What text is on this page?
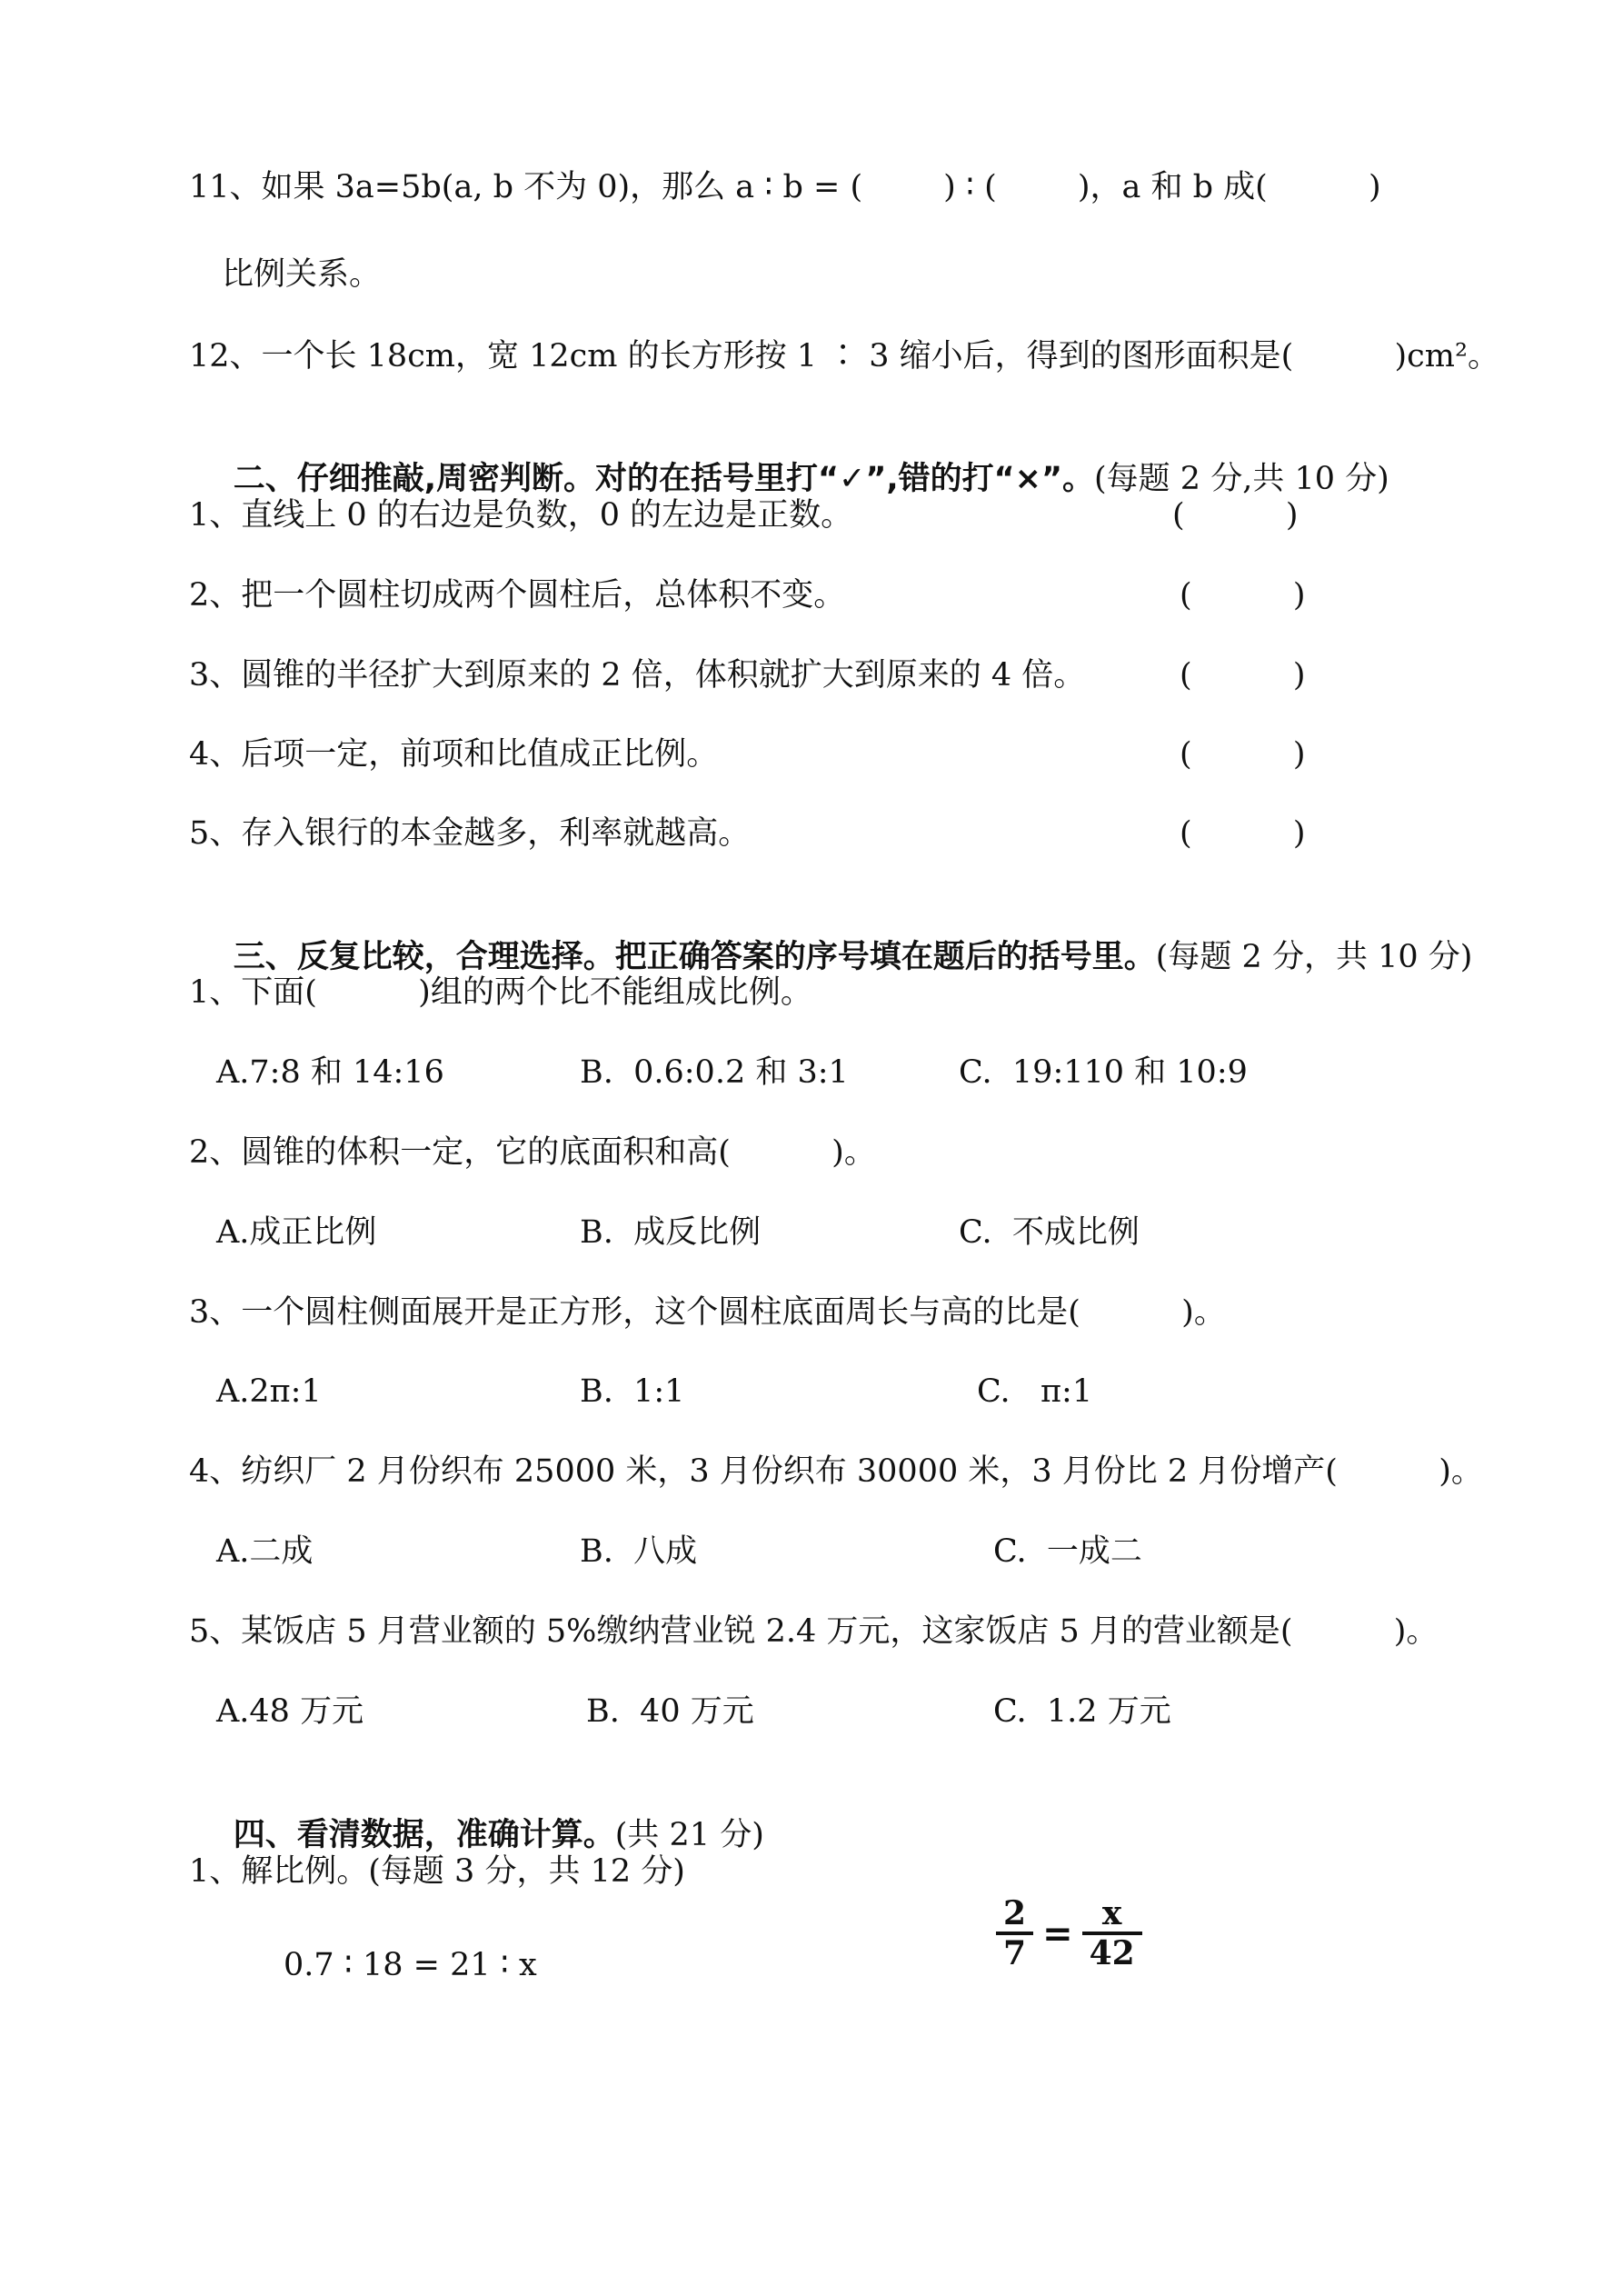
11、如果 3a=5b(a, b 不为 0)，那么 a ∶ b = (        ) ∶ (        )，a 和 b 成(          )
比例关系。
12、一个长 18cm，宽 12cm 的长方形按 1 ∶ 3 缩小后，得到的图形面积是(          )cm²。

二、仔细推敲,周密判断。对的在括号里打“✓”,错的打“×”。(每题 2 分,共 10 分)

1、直线上 0 的右边是负数，0 的左边是正数。	(          )
2、把一个圆柱切成两个圆柱后，总体积不变。	(          )
3、圆锥的半径扩大到原来的 2 倍，体积就扩大到原来的 4 倍。	(          )
4、后项一定，前项和比值成正比例。	(          )
5、存入银行的本金越多，利率就越高。	(          )

三、反复比较，合理选择。把正确答案的序号填在题后的括号里。(每题 2 分，共 10 分)

1、下面(          )组的两个比不能组成比例。
A.7:8 和 14:16	B.  0.6:0.2 和 3:1	C.  19:110 和 10:9
2、圆锥的体积一定，它的底面积和高(          )。
A.成正比例	B.  成反比例	C.  不成比例
3、一个圆柱侧面展开是正方形，这个圆柱底面周长与高的比是(          )。
A.2π:1	B.  1:1	C.   π:1
4、纺织厂 2 月份织布 25000 米，3 月份织布 30000 米，3 月份比 2 月份增产(          )。
A.二成	B.  八成	C.  一成二
5、某饭店 5 月营业额的 5%缴纳营业锐 2.4 万元，这家饭店 5 月的营业额是(          )。
A.48 万元	B.  40 万元	C.  1.2 万元

四、看清数据，准确计算。(共 21 分)

1、解比例。(每题 3 分，共 12 分)
0.7 ∶ 18 = 21 ∶ x	$\frac{2}{7} = \frac{x}{42}$
